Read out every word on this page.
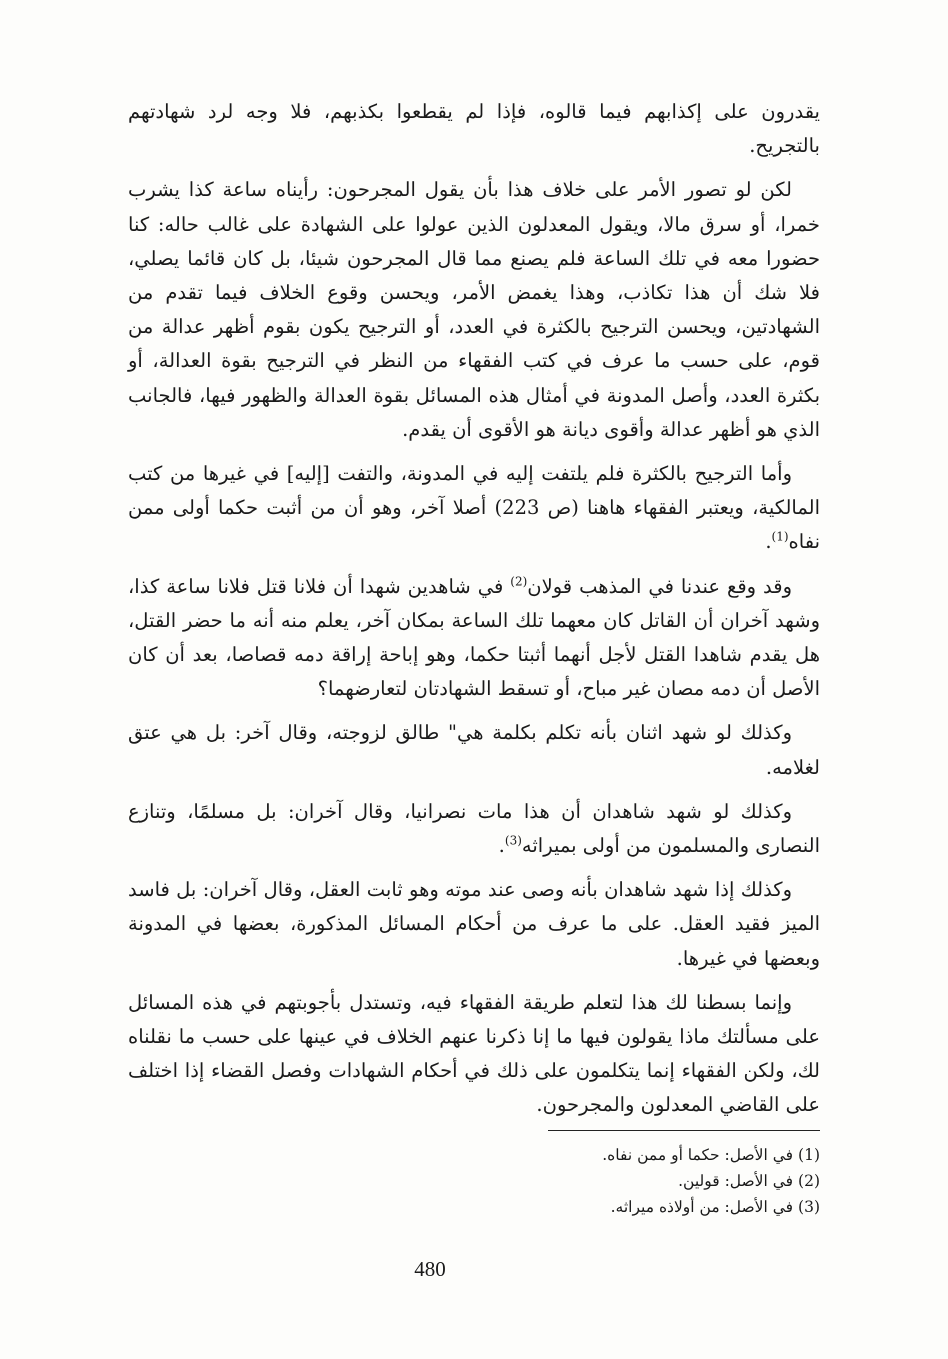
يقدرون على إكذابهم فيما قالوه، فإذا لم يقطعوا بكذبهم، فلا وجه لرد شهادتهم بالتجريح.

لكن لو تصور الأمر على خلاف هذا بأن يقول المجرحون: رأيناه ساعة كذا يشرب خمرا، أو سرق مالا، ويقول المعدلون الذين عولوا على الشهادة على غالب حاله: كنا حضورا معه في تلك الساعة فلم يصنع مما قال المجرحون شيئا، بل كان قائما يصلي، فلا شك أن هذا تكاذب، وهذا يغمض الأمر، ويحسن وقوع الخلاف فيما تقدم من الشهادتين، ويحسن الترجيح بالكثرة في العدد، أو الترجيح يكون بقوم أظهر عدالة من قوم، على حسب ما عرف في كتب الفقهاء من النظر في الترجيح بقوة العدالة، أو بكثرة العدد، وأصل المدونة في أمثال هذه المسائل بقوة العدالة والظهور فيها، فالجانب الذي هو أظهر عدالة وأقوى ديانة هو الأقوى أن يقدم.

وأما الترجيح بالكثرة فلم يلتفت إليه في المدونة، والتفت [إليه] في غيرها من كتب المالكية، ويعتبر الفقهاء هاهنا (ص 223) أصلا آخر، وهو أن من أثبت حكما أولى ممن نفاه$^{(1)}$.

وقد وقع عندنا في المذهب قولان$^{(2)}$ في شاهدين شهدا أن فلانا قتل فلانا ساعة كذا، وشهد آخران أن القاتل كان معهما تلك الساعة بمكان آخر، يعلم منه أنه ما حضر القتل، هل يقدم شاهدا القتل لأجل أنهما أثبتا حكما، وهو إباحة إراقة دمه قصاصا، بعد أن كان الأصل أن دمه مصان غير مباح، أو تسقط الشهادتان لتعارضهما؟

وكذلك لو شهد اثنان بأنه تكلم بكلمة هي" طالق لزوجته، وقال آخر: بل هي عتق لغلامه.

وكذلك لو شهد شاهدان أن هذا مات نصرانيا، وقال آخران: بل مسلمًا، وتنازع النصارى والمسلمون من أولى بميراثه$^{(3)}$.

وكذلك إذا شهد شاهدان بأنه وصى عند موته وهو ثابت العقل، وقال آخران: بل فاسد الميز فقيد العقل. على ما عرف من أحكام المسائل المذكورة، بعضها في المدونة وبعضها في غيرها.

وإنما بسطنا لك هذا لتعلم طريقة الفقهاء فيه، وتستدل بأجوبتهم في هذه المسائل على مسألتك ماذا يقولون فيها ما إنا ذكرنا عنهم الخلاف في عينها على حسب ما نقلناه لك، ولكن الفقهاء إنما يتكلمون على ذلك في أحكام الشهادات وفصل القضاء إذا اختلف على القاضي المعدلون والمجرحون.

(1) في الأصل: حكما أو ممن نفاه.
(2) في الأصل: قولين.
(3) في الأصل: من أولاذه ميراثه.
480
